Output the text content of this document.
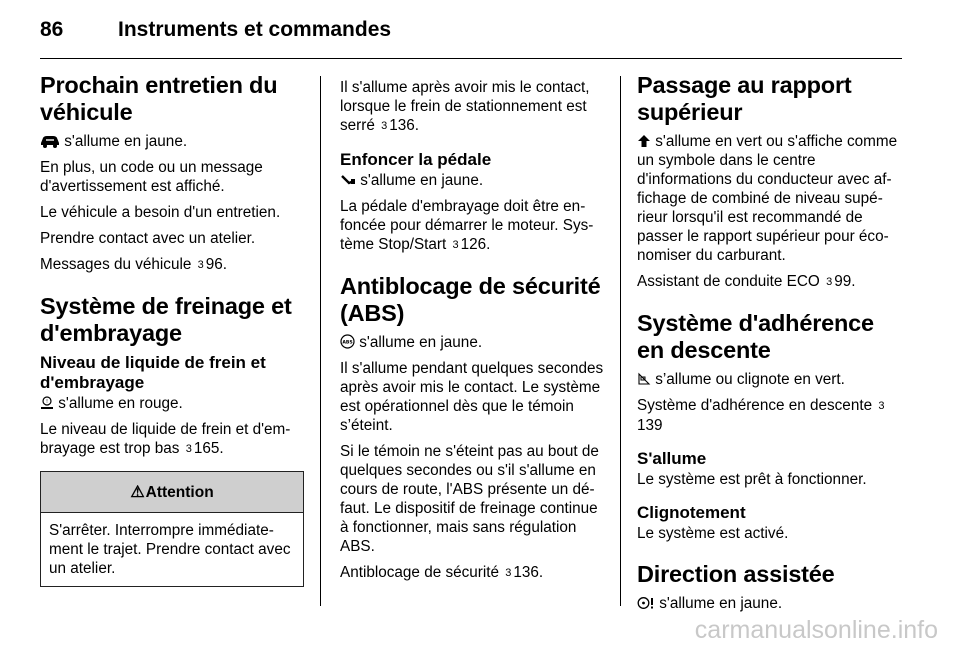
86	Instruments et commandes
Prochain entretien du véhicule
s'allume en jaune.
En plus, un code ou un message d'avertissement est affiché.
Le véhicule a besoin d'un entretien.
Prendre contact avec un atelier.
Messages du véhicule 3 96.
Système de freinage et d'embrayage
Niveau de liquide de frein et d'embrayage
! s'allume en rouge.
Le niveau de liquide de frein et d'embrayage est trop bas 3 165.
⚠ Attention
S'arrêter. Interrompre immédiatement le trajet. Prendre contact avec un atelier.
Il s'allume après avoir mis le contact, lorsque le frein de stationnement est serré 3 136.
Enfoncer la pédale
s'allume en jaune.
La pédale d'embrayage doit être enfoncée pour démarrer le moteur. Système Stop/Start 3 126.
Antiblocage de sécurité (ABS)
ABS s'allume en jaune.
Il s'allume pendant quelques secondes après avoir mis le contact. Le système est opérationnel dès que le témoin s’éteint.
Si le témoin ne s'éteint pas au bout de quelques secondes ou s'il s'allume en cours de route, l'ABS présente un défaut. Le dispositif de freinage continue à fonctionner, mais sans régulation ABS.
Antiblocage de sécurité 3 136.
Passage au rapport supérieur
s'allume en vert ou s'affiche comme un symbole dans le centre d'informations du conducteur avec affichage de combiné de niveau supérieur lorsqu'il est recommandé de passer le rapport supérieur pour économiser du carburant.
Assistant de conduite ECO 3 99.
Système d'adhérence en descente
s’allume ou clignote en vert.
Système d'adhérence en descente 3139
S'allume
Le système est prêt à fonctionner.
Clignotement
Le système est activé.
Direction assistée
s'allume en jaune.
carmanualsonline.info
